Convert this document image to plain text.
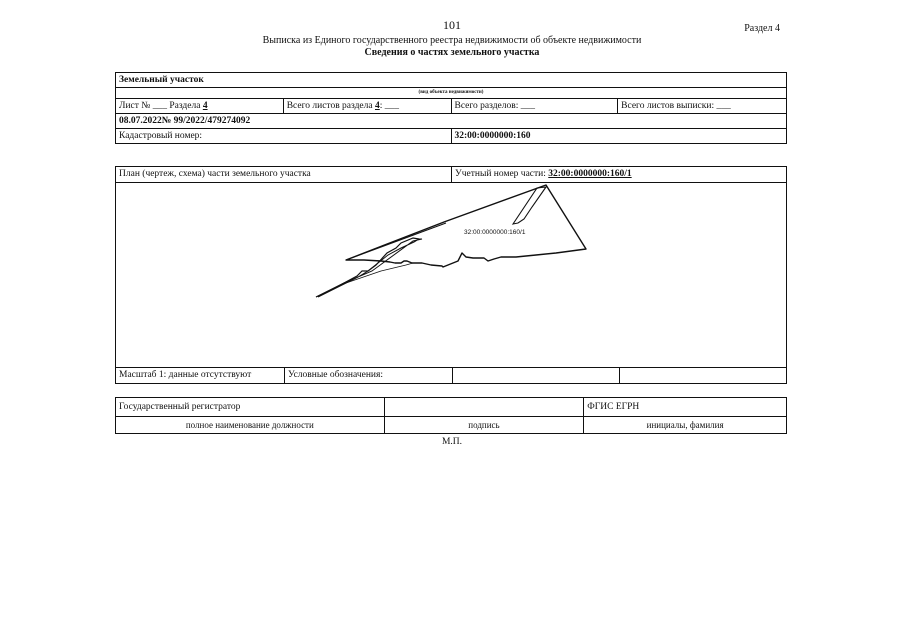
101	Раздел 4
Выписка из Единого государственного реестра недвижимости об объекте недвижимости
Сведения о частях земельного участка
Земельный участок			
(вид объекта недвижимости)			
Лист № ___ Раздела 4	Всего листов раздела 4: ___	Всего разделов: ___	Всего листов выписки: ___
08.07.2022№ 99/2022/479274092			
Кадастровый номер:		32:00:0000000:160	
План (чертеж, схема) части земельного участка	Учетный номер части: 32:00:0000000:160/1
32:00:0000000:160/1
Масштаб 1: данные отсутствуют	Условные обозначения:
Государственный регистратор		ФГИС ЕГРН
полное наименование должности	подпись	инициалы, фамилия
М.П.
